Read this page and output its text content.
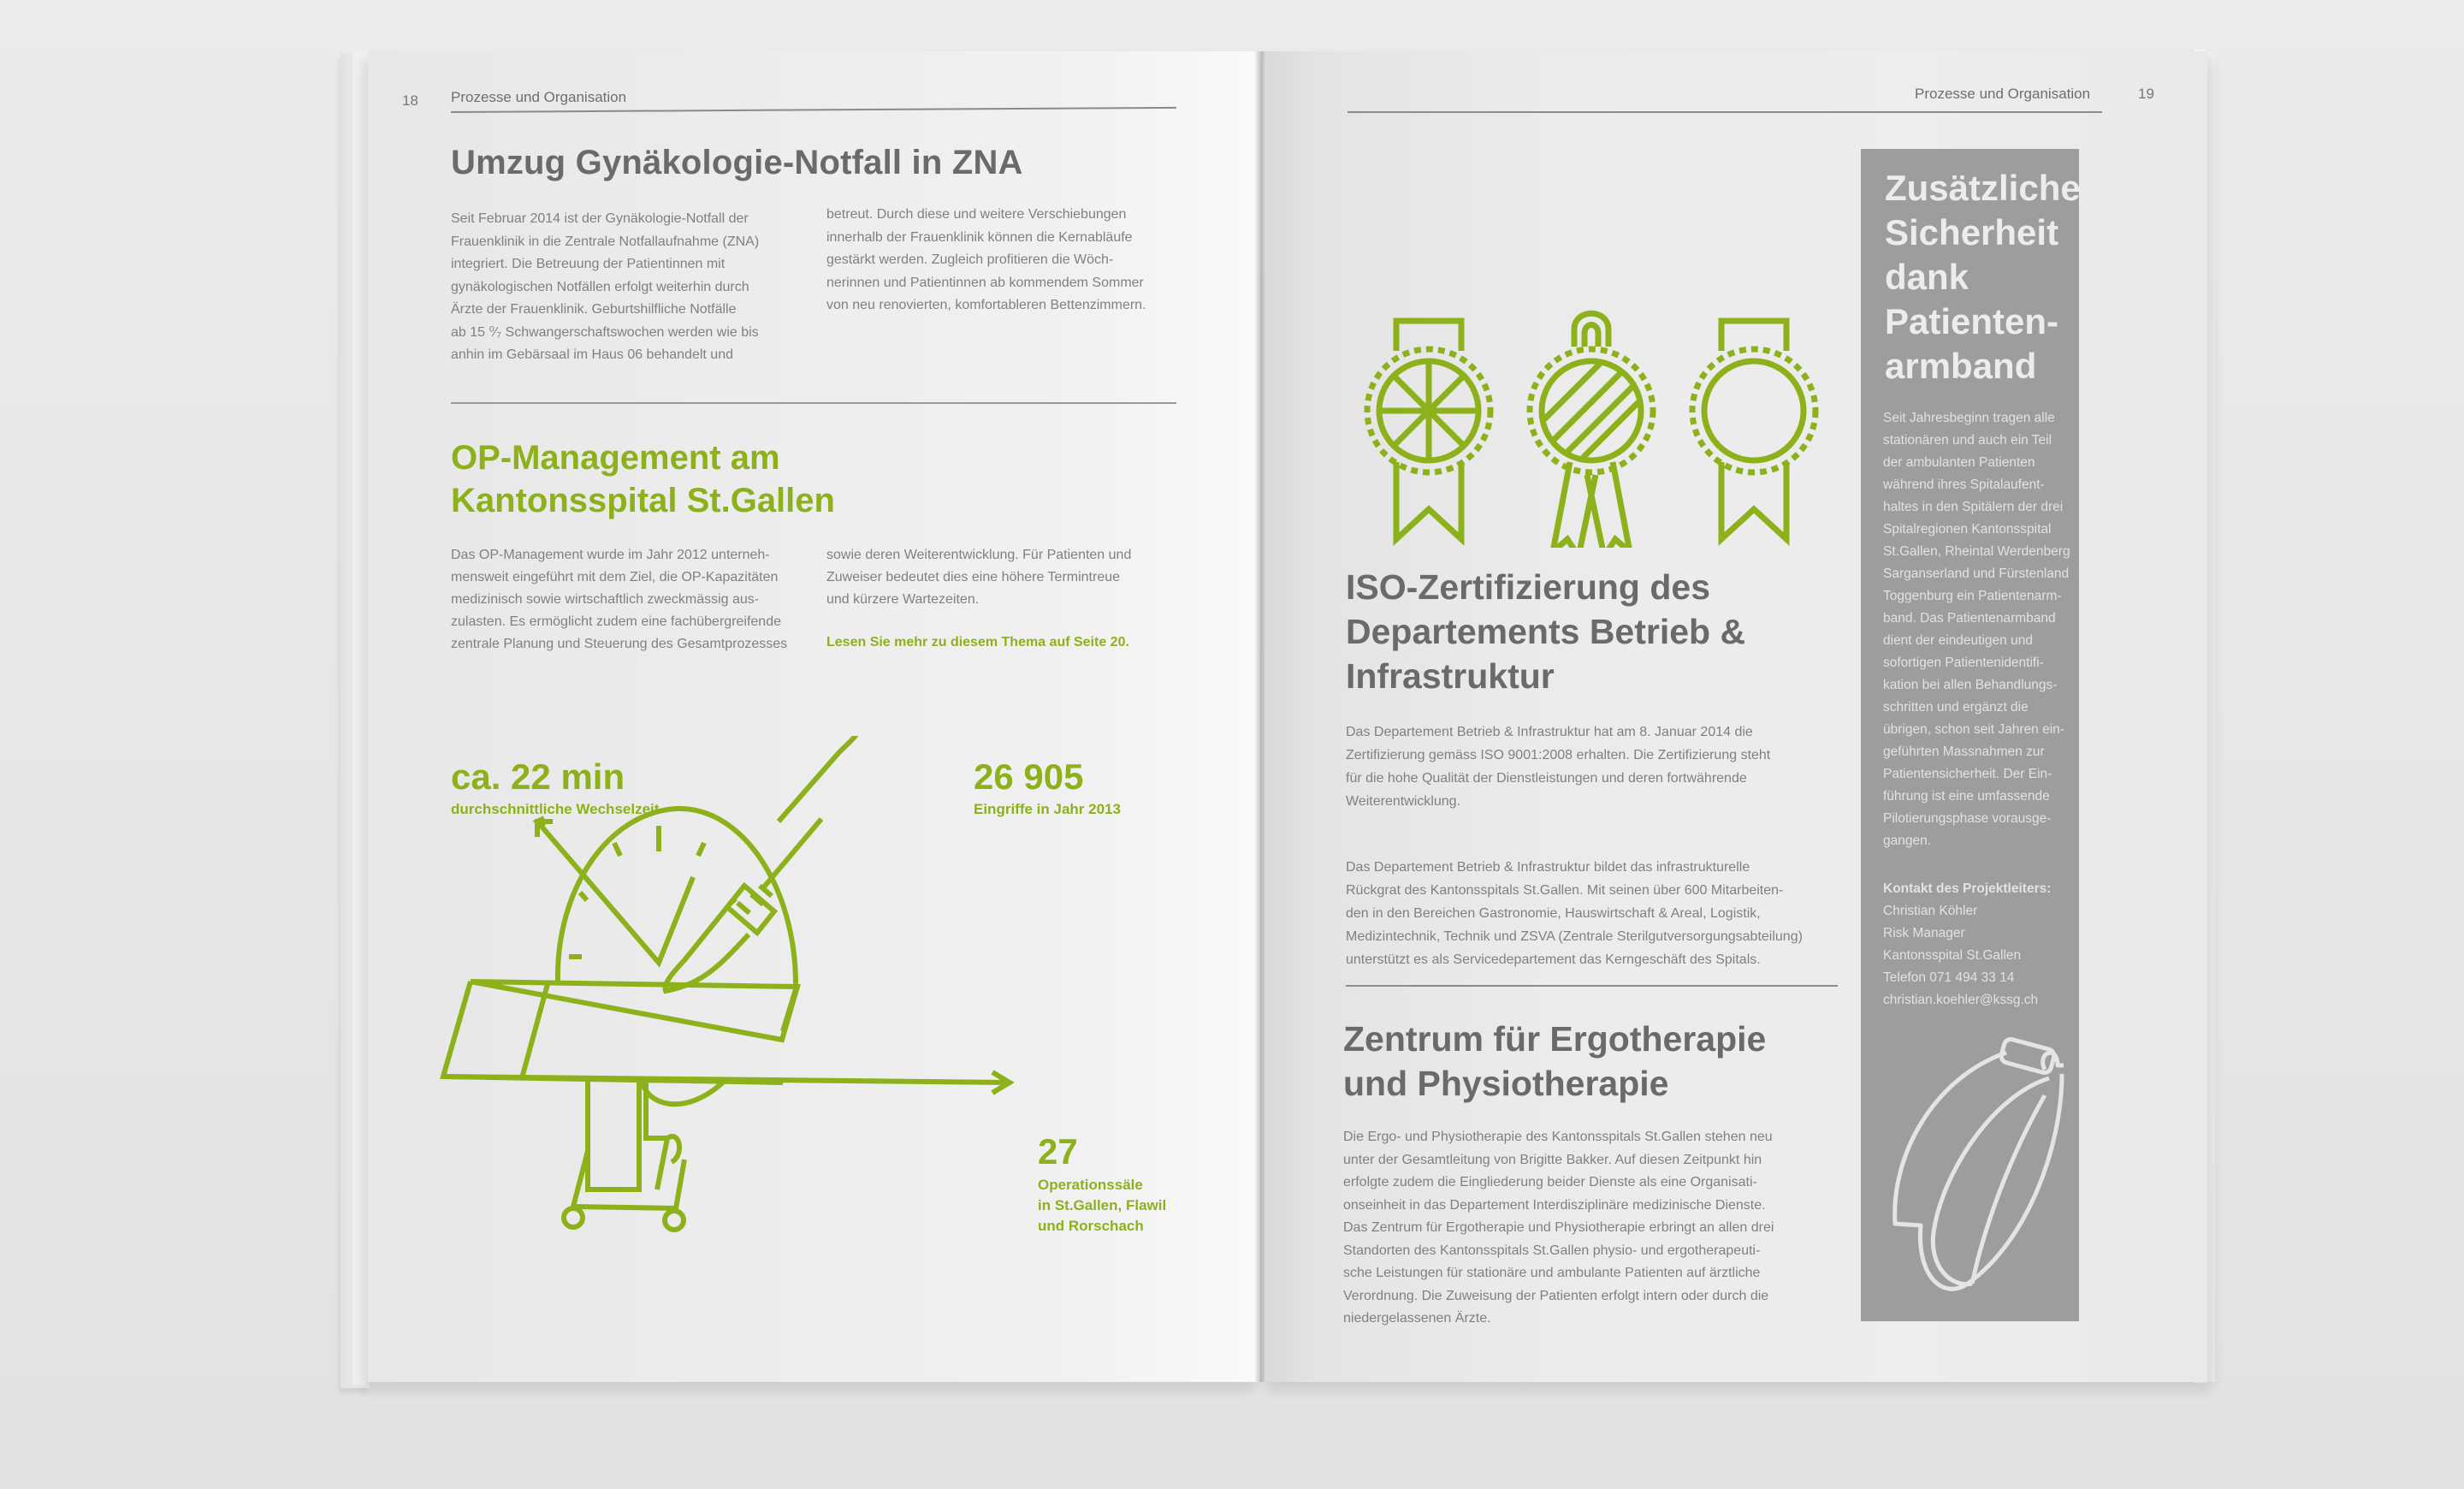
18 Prozesse und Organisation
Umzug Gynäkologie-Notfall in ZNA
Seit Februar 2014 ist der Gynäkologie-Notfall der
Frauenklinik in die Zentrale Notfallaufnahme (ZNA)
integriert. Die Betreuung der Patientinnen mit
gynäkologischen Notfällen erfolgt weiterhin durch
Ärzte der Frauenklinik. Geburtshilfliche Notfälle
ab 15 ⁰⁄₇ Schwangerschaftswochen werden wie bis
anhin im Gebärsaal im Haus 06 behandelt und
betreut. Durch diese und weitere Verschiebungen
innerhalb der Frauenklinik können die Kernabläufe
gestärkt werden. Zugleich profitieren die Wöch-
nerinnen und Patientinnen ab kommendem Sommer
von neu renovierten, komfortableren Bettenzimmern.
OP-Management am
Kantonsspital St.Gallen
Das OP-Management wurde im Jahr 2012 unterneh-
mensweit eingeführt mit dem Ziel, die OP-Kapazitäten
medizinisch sowie wirtschaftlich zweckmässig aus-
zulasten. Es ermöglicht zudem eine fachübergreifende
zentrale Planung und Steuerung des Gesamtprozesses
sowie deren Weiterentwicklung. Für Patienten und
Zuweiser bedeutet dies eine höhere Termintreue
und kürzere Wartezeiten.
Lesen Sie mehr zu diesem Thema auf Seite 20.
ca. 22 min
durchschnittliche Wechselzeit
26 905
Eingriffe in Jahr 2013
27
Operationssäle
in St.Gallen, Flawil
und Rorschach
Prozesse und Organisation	19
ISO-Zertifizierung des
Departements Betrieb &
Infrastruktur
Das Departement Betrieb & Infrastruktur hat am 8. Januar 2014 die
Zertifizierung gemäss ISO 9001:2008 erhalten. Die Zertifizierung steht
für die hohe Qualität der Dienstleistungen und deren fortwährende
Weiterentwicklung.
Das Departement Betrieb & Infrastruktur bildet das infrastrukturelle
Rückgrat des Kantonsspitals St.Gallen. Mit seinen über 600 Mitarbeiten-
den in den Bereichen Gastronomie, Hauswirtschaft & Areal, Logistik,
Medizintechnik, Technik und ZSVA (Zentrale Sterilgutversorgungsabteilung)
unterstützt es als Servicedepartement das Kerngeschäft des Spitals.
Zentrum für Ergotherapie
und Physiotherapie
Die Ergo- und Physiotherapie des Kantonsspitals St.Gallen stehen neu
unter der Gesamtleitung von Brigitte Bakker. Auf diesen Zeitpunkt hin
erfolgte zudem die Eingliederung beider Dienste als eine Organisati-
onseinheit in das Departement Interdisziplinäre medizinische Dienste.
Das Zentrum für Ergotherapie und Physiotherapie erbringt an allen drei
Standorten des Kantonsspitals St.Gallen physio- und ergotherapeuti-
sche Leistungen für stationäre und ambulante Patienten auf ärztliche
Verordnung. Die Zuweisung der Patienten erfolgt intern oder durch die
niedergelassenen Ärzte.
Zusätzliche
Sicherheit
dank
Patienten-
armband
Seit Jahresbeginn tragen alle
stationären und auch ein Teil
der ambulanten Patienten
während ihres Spitalaufent-
haltes in den Spitälern der drei
Spitalregionen Kantonsspital
St.Gallen, Rheintal Werdenberg
Sarganserland und Fürstenland
Toggenburg ein Patientenarm-
band. Das Patientenarmband
dient der eindeutigen und
sofortigen Patientenidentifi-
kation bei allen Behandlungs-
schritten und ergänzt die
übrigen, schon seit Jahren ein-
geführten Massnahmen zur
Patientensicherheit. Der Ein-
führung ist eine umfassende
Pilotierungsphase vorausge-
gangen.
Kontakt des Projektleiters:
Christian Köhler
Risk Manager
Kantonsspital St.Gallen
Telefon 071 494 33 14
christian.koehler@kssg.ch
